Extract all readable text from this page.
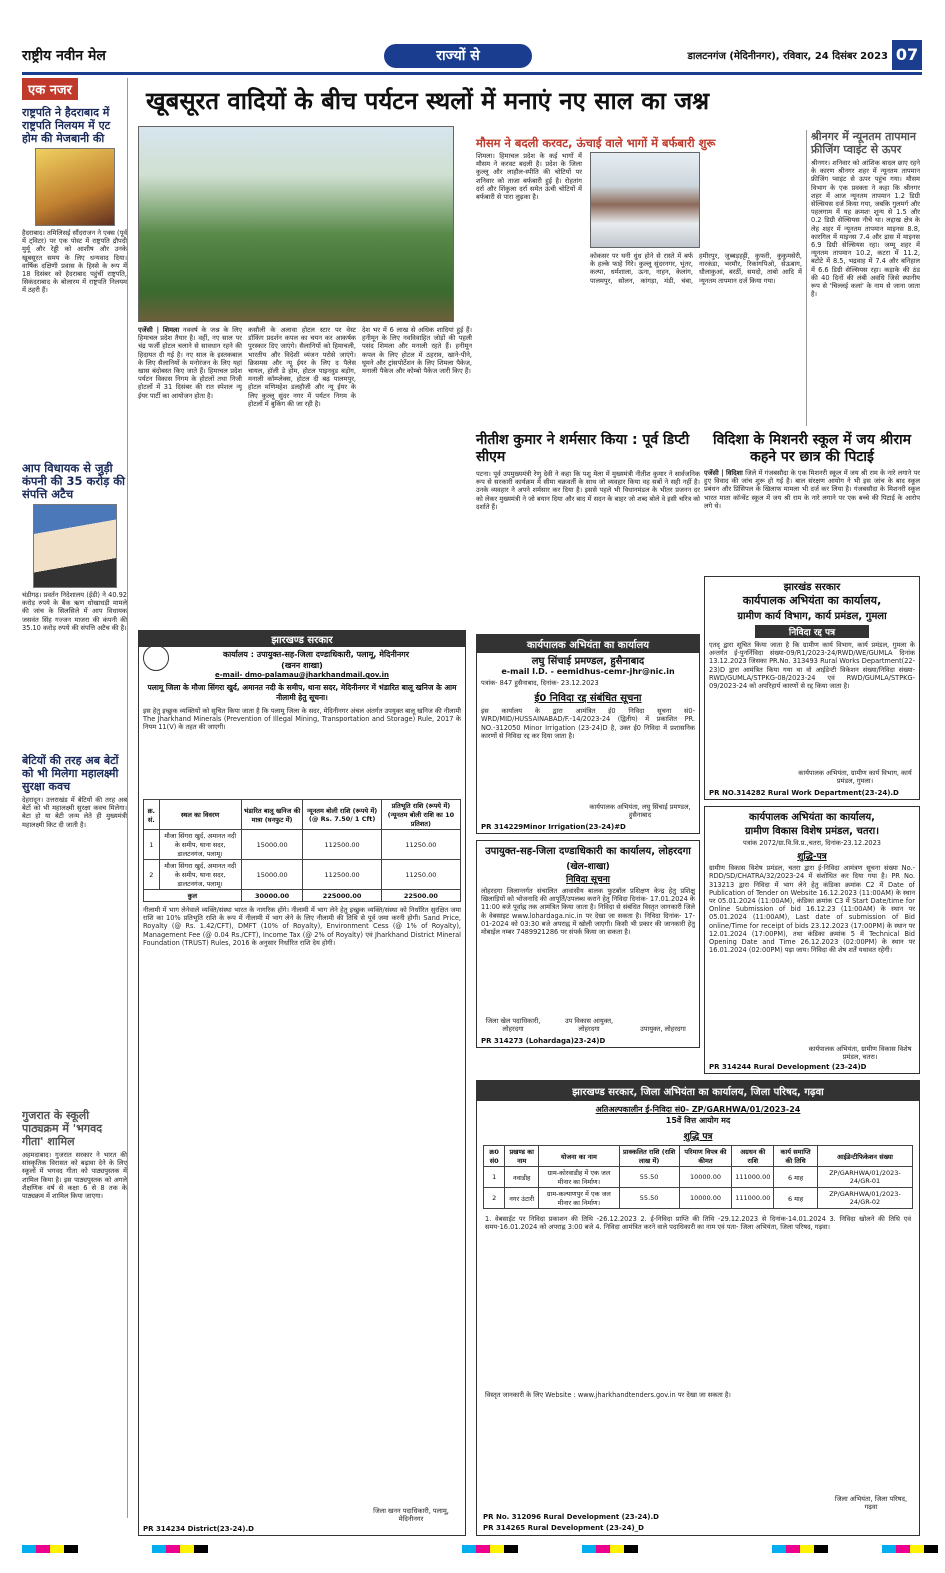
राष्ट्रीय नवीन मेल	राज्यों से	डालटनगंज (मेदिनीनगर), रविवार, 24 दिसंबर 2023 07
एक नजर
राष्ट्रपति ने हैदराबाद में राष्ट्रपति निलयम में एट होम की मेजबानी की
हैदराबाद। तमिलिसई सौंदराजन ने एक्स (पूर्व में ट्विटर) पर एक पोस्ट में राष्ट्रपति द्रौपदी मुर्मू और रेड्डी को आशीष और उनके खूबसूरत समय के लिए धन्यवाद दिया। वार्षिक दक्षिणी प्रवास के हिस्से के रूप में 18 दिसंबर को हैदराबाद पहुंचीं राष्ट्रपति, सिकंदराबाद के बोलारम में राष्ट्रपति निलयम में ठहरी हैं।
आप विधायक से जुड़ी कंपनी की 35 करोड़ की संपत्ति अटैच
चंडीगढ़। प्रवर्तन निदेशालय (ईडी) ने 40.92 करोड़ रुपये के बैंक ऋण धोखाधड़ी मामले की जांच के सिलसिले में आप विधायक जसवंत सिंह गज्जन माजरा की कंपनी की 35.10 करोड़ रुपये की संपत्ति अटैच की है।
बेटियों की तरह अब बेटों को भी मिलेगा महालक्ष्मी सुरक्षा कवच
देहरादून। उत्तराखंड में बेटियों की तरह अब बेटों को भी महालक्ष्मी सुरक्षा कवच मिलेगा। बेटा हो या बेटी जन्म लेते ही मुख्यमंत्री महालक्ष्मी किट दी जाती है।
गुजरात के स्कूली पाठ्यक्रम में 'भगवद गीता' शामिल
अहमदाबाद। गुजरात सरकार ने भारत की सांस्कृतिक विरासत को बढ़ावा देने के लिए स्कूलों में भगवद गीता को पाठ्यपुस्तक में शामिल किया है। इस पाठ्यपुस्तक को अगले शैक्षणिक वर्ष से कक्षा 6 से 8 तक के पाठ्यक्रम में शामिल किया जाएगा।
खूबसूरत वादियों के बीच पर्यटन स्थलों में मनाएं नए साल का जश्न
एजेंसी | शिमला नववर्ष के जश्न के लिए हिमाचल प्रदेश तैयार है। वहीं, नए साल पर चंद्र फर्जी होटल चलाने से सावधान रहने की हिदायत दी गई है। नए साल के इस्तकबाल के लिए सैलानियों के मनोरंजन के लिए यहां खास बंदोबस्त किए जाते हैं। हिमाचल प्रदेश पर्यटन विकास निगम के होटलों तथा निजी होटलों में 31 दिसंबर की रात स्पेशल न्यू ईयर पार्टी का आयोजन होता है।
कसौली के अलावा होटल स्टार पर वेस्ट डॉकिंग प्रदर्शन कपल का चयन कर आकर्षक पुरस्कार दिए जाएंगे। सैलानियों को हिमाचली, भारतीय और विदेशी व्यंजन परोसे जाएंगे। क्रिसमस और न्यू ईयर के लिए द पैलेस चायल, हॉली डे होम, होटल पाइनवुड बड़ोग, मनाली कॉम्प्लेक्स, होटल दी बढ़ पालमपुर, होटल मणिमहेश डलहौजी और न्यू ईयर के लिए कुल्लू सुंदर नगर में पर्यटन निगम के होटलों में बुकिंग की जा रही है।
देश भर में 6 लाख से अधिक शादियां हुई हैं। हनीमून के लिए नवविवाहित जोड़ों की पहली पसंद शिमला और मनाली रहते हैं। हनीमून कपल के लिए होटल में ठहराव, खाने-पीने, घूमने और ट्रांसपोर्टेशन के लिए शिमला पैकेज, मनाली पैकेज और कोम्बो पैकेज जारी किए हैं।
मौसम ने बदली करवट, ऊंचाई वाले भागों में बर्फबारी शुरू
शिमला। हिमाचल प्रदेश के कई भागों में मौसम ने करवट बदली है। प्रदेश के जिला कुल्लू और लाहौल-स्पीति की चोटियों पर शनिवार को ताजा बर्फबारी हुई है। रोहतांग दर्रा और शिंकुला दर्रा समेत ऊंची चोटियों में बर्फबारी से पारा लुढ़का है।
कोकसर पर घनी धुंध होने से रास्ते में बर्फ के हल्के फाहे गिरे। कुल्लू सुंदरनगर, भुंतर, कल्पा, धर्मशाला, ऊना, नाहन, केलांग, पालमपुर, सोलन, कांगड़ा, मंडी, चंबा, हमीरपुर, जुब्बड़हट्टी, कुफरी, कुकुमसेरी, नारकंडा, भरमौर, रिकांगपिओ, सेऊबाग, धौलाकुआं, बरठीं, समदो, ताबो आदि में न्यूनतम तापमान दर्ज किया गया।
श्रीनगर में न्यूनतम तापमान फ्रीजिंग प्वाइंट से ऊपर
श्रीनगर। शनिवार को आंशिक बादल छाए रहने के कारण श्रीनगर शहर में न्यूनतम तापमान फ्रीजिंग प्वाइंट से ऊपर पहुंच गया। मौसम विभाग के एक प्रवक्ता ने कहा कि श्रीनगर शहर में आज न्यूनतम तापमान 1.2 डिग्री सेल्सियस दर्ज किया गया, जबकि गुलमर्ग और पहलगाम में यह क्रमशः शून्य से 1.5 और 0.2 डिग्री सेल्सियस नीचे था। लद्दाख क्षेत्र के लेह शहर में न्यूनतम तापमान माइनस 8.8, कारगिल में माइनस 7.4 और द्रास में माइनस 6.9 डिग्री सेल्सियस रहा। जम्मू शहर में न्यूनतम तापमान 10.2, कटरा में 11.2, बटोटे में 8.5, भद्रवाह में 7.4 और बनिहाल में 6.6 डिग्री सेल्सियस रहा। कड़ाके की ठंड की 40 दिनों की लंबी अवधि जिसे स्थानीय रूप से 'चिल्लई कलां' के नाम से जाना जाता है।
नीतीश कुमार ने शर्मसार किया : पूर्व डिप्टी सीएम
पटना। पूर्व उपमुख्यमंत्री रेणु देवी ने कहा कि पशु मेला में मुख्यमंत्री नीतीश कुमार ने सार्वजनिक रूप से सरकारी कार्यक्रम में सीमा चक्रवर्ती के साथ जो व्यवहार किया वह सबों ने सही नहीं है। उनके व्यवहार ने अपने शर्मसार कर दिया है। इससे पहले भी विधानमंडल के भीतर प्रजनन दर को लेकर मुख्यमंत्री ने जो बयान दिया और बाद में सदन के बाहर जो शब्द बोले वे इसी चरित्र को दर्शाते हैं।
विदिशा के मिशनरी स्कूल में जय श्रीराम कहने पर छात्र की पिटाई
एजेंसी | विदिशा जिले में गंजबसौदा के एक मिशनरी स्कूल में जय श्री राम के नारे लगाने पर हुए विवाद की जांच शुरू हो गई है। बाल संरक्षण आयोग ने भी इस जांच के बाद स्कूल प्रबंधन और प्रिंसिपल के खिलाफ मामला भी दर्ज कर लिया है। गंजबसौदा के मिशनरी स्कूल भारत माता कॉन्वेंट स्कूल में जय श्री राम के नारे लगाने पर एक बच्चे की पिटाई के आरोप लगे थे।
झारखण्ड सरकार
कार्यालय : उपायुक्त-सह-जिला दण्डाधिकारी, पलामू, मेदिनीनगर
(खनन शाखा)
e-mail- dmo-palamau@jharkhandmail.gov.in
पलामू जिला के मौजा सिंगरा खुर्द, अमानत नदी के समीप, थाना सदर, मेदिनीनगर में भंडारित बालू खनिज के आम नीलामी हेतु सूचना।
इस हेतु इच्छुक व्यक्तियों को सूचित किया जाता है कि पलामू जिला के सदर, मेदिनीनगर अंचल अंतर्गत उपयुक्त बालू खनिज की नीलामी The Jharkhand Minerals (Prevention of Illegal Mining, Transportation and Storage) Rule, 2017 के नियम 11(V) के तहत की जाएगी।
क्र. सं.	स्थल का विवरण	भंडारित बालू खनिज की मात्रा (घनफुट में)	न्यूनतम बोली राशि (रूपये में) (@ Rs. 7.50/ 1 Cft)	प्रतिभूति राशि (रूपये में) (न्यूनतम बोली राशि का 10 प्रतिशत)
1	मौजा सिंगरा खुर्द, अमानत नदी के समीप, थाना सदर, डालटनगंज, पलामू।	15000.00	112500.00	11250.00
2	मौजा सिंगरा खुर्द, अमानत नदी के समीप, थाना सदर, डालटनगंज, पलामू।	15000.00	112500.00	11250.00
कुल		30000.00	225000.00	22500.00
नीलामी में भाग लेनेवाले व्यक्ति/संस्था भारत के नागरिक होंगे। नीलामी में भाग लेने हेतु इच्छुक व्यक्ति/संस्था को निर्धारित सुरक्षित जमा राशि का 10% प्रतिभूति राशि के रूप में नीलामी में भाग लेने के लिए नीलामी की तिथि से पूर्व जमा करनी होगी। Sand Price, Royalty (@ Rs. 1.42/CFT), DMFT (10% of Royalty), Environment Cess (@ 1% of Royalty), Management Fee (@ 0.04 Rs./CFT), Income Tax (@ 2% of Royalty) एवं Jharkhand District Mineral Foundation (TRUST) Rules, 2016 के अनुसार निर्धारित राशि देय होगी।
जिला खनन पदाधिकारी, पलामू, मेदिनीनगर
PR 314234 District(23-24).D
कार्यपालक अभियंता का कार्यालय
लघु सिंचाई प्रमण्डल, हुसैनाबाद
e-mail I.D. - eemidhus-cemr-jhr@nic.in
पत्रांक- 847 हुसैनाबाद, दिनांक- 23.12.2023
ई0 निविदा रद्द संबंधित सूचना
इस कार्यालय के द्वारा आमंत्रित ई0 निविदा सूचना सं0-WRD/MID/HUSSAINABAD/F.-14/2023-24 (द्वितीय) में प्रकाशित PR. NO.-312050 Minor Irrigation (23-24)D है, उक्त ई0 निविदा में प्रशासनिक कारणों से निविदा रद्द कर दिया जाता है।
कार्यपालक अभियंता, लघु सिंचाई प्रमण्डल, हुसैनाबाद
PR 314229Minor Irrigation(23-24)#D
उपायुक्त-सह-जिला दण्डाधिकारी का कार्यालय, लोहरदगा
(खेल-शाखा)
निविदा सूचना
लोहरदगा जिलान्तर्गत संचालित आवासीय बालक फुटबॉल प्रशिक्षण केन्द्र हेतु प्रशिक्षु खिलाड़ियों को भोजनादि की आपूर्ति/उपलब्ध कराने हेतु निविदा दिनांक- 17.01.2024 के 11:00 बजे पूर्वाह्न तक आमंत्रित किया जाता है। निविदा से संबंधित विस्तृत जानकारी जिले के वेबसाइट www.lohardaga.nic.in पर देखा जा सकता है। निविदा दिनांक- 17-01-2024 को 03:30 बजे अपराह्न में खोली जाएगी। किसी भी प्रकार की जानकारी हेतु मोबाईल नम्बर 7489921286 पर संपर्क किया जा सकता है।
जिला खेल पदाधिकारी, लोहरदगा
उप विकास आयुक्त, लोहरदगा	उपायुक्त, लोहरदगा
PR 314273 (Lohardaga)23-24)D
झारखंड सरकार
कार्यपालक अभियंता का कार्यालय,
ग्रामीण कार्य विभाग, कार्य प्रमंडल, गुमला
निविदा रद्द पत्र
एतद् द्वारा सूचित किया जाता है कि ग्रामीण कार्य विभाग, कार्य प्रमंडल, गुमला के अन्तर्गत ई-पुनर्निविदा संख्या-09/R1/2023-24/RWD/WE/GUMLA दिनांक 13.12.2023 जिसका PR.No. 313493 Rural Works Department(22-23)D द्वारा आमंत्रित किया गया था वो आईडेन्टी विकेशन संख्या/निविदा संख्या-RWD/GUMLA/STPKG-08/2023-24 एवं RWD/GUMLA/STPKG-09/2023-24 को अपरिहार्य कारणों से रद्द किया जाता है।
कार्यपालक अभियंता, ग्रामीण कार्य विभाग, कार्य प्रमंडल, गुमला।
PR NO.314282 Rural Work Department(23-24).D
कार्यपालक अभियंता का कार्यालय,
ग्रामीण विकास विशेष प्रमंडल, चतरा।
पत्रांक 2072/ग्रा.वि.वि.प्र.,चतरा, दिनांक-23.12.2023
शुद्धि-पत्र
ग्रामीण विकास विशेष प्रमंडल, चतरा द्वारा ई-निविदा आमंत्रण सूचना संख्या No.-RDD/SD/CHATRA/32/2023-24 में संशोधित कर दिया गया है। PR No. 313213 द्वारा निविदा में भाग लेने हेतु कंडिका क्रमांक C2 में Date of Publication of Tender on Website 16.12.2023 (11:00AM) के स्थान पर 05.01.2024 (11:00AM), कंडिका क्रमांक C3 में Start Date/time for Online Submission of bid 16.12.23 (11:00AM) के स्थान पर 05.01.2024 (11:00AM), Last date of submission of Bid online/Time for receipt of bids 23.12.2023 (17:00PM) के स्थान पर 12.01.2024 (17:00PM), तथा कंडिका क्रमांक 5 में Technical Bid Opening Date and Time 26.12.2023 (02:00PM) के स्थान पर 16.01.2024 (02:00PM) पढ़ा जाय। निविदा की शेष शर्तें यथावत रहेगी।
कार्यपालक अभियंता, ग्रामीण विकास विशेष प्रमंडल, चतरा।
PR 314244 Rural Development (23-24)D
झारखण्ड सरकार, जिला अभियंता का कार्यालय, जिला परिषद, गढ़वा
अतिअल्पकालीन ई-निविदा सं0- ZP/GARHWA/01/2023-24
15वें वित्त आयोग मद
शुद्धि पत्र
क्र0 सं0	प्रखण्ड का नाम	योजना का नाम	प्राक्कलित राशि (राशि लाख में)	परिमाण विपत्र की कीमत	अग्रधन की राशि	कार्य समाप्ति की तिथि	आईडेन्टीफिकेशन संख्या
1	नवाडीह	ग्राम-कोरवाडीह में एक जल मीनार का निर्माण।	55.50	10000.00	111000.00	6 माह	ZP/GARHWA/01/2023-24/GR-01
2	नगर उंटारी	ग्राम-कल्याणपुर में एक जल मीनार का निर्माण।	55.50	10000.00	111000.00	6 माह	ZP/GARHWA/01/2023-24/GR-02
1. वेबसाईट पर निविदा प्रकाशन की तिथि -26.12.2023 2. ई-निविदा प्राप्ति की तिथि -29.12.2023 से दिनांक-14.01.2024 3. निविदा खोलने की तिथि एवं समय-16.01.2024 को अपराह्न 3:00 बजे 4. निविदा आमंत्रित करने वाले पदाधिकारी का नाम एवं पता- जिला अभियंता, जिला परिषद, गढ़वा।
विस्तृत जानकारी के लिए Website : www.jharkhandtenders.gov.in पर देखा जा सकता है।
जिला अभियंता, जिला परिषद, गढ़वा
PR No. 312096 Rural Development (23-24).D
PR 314265 Rural Development (23-24)_D
